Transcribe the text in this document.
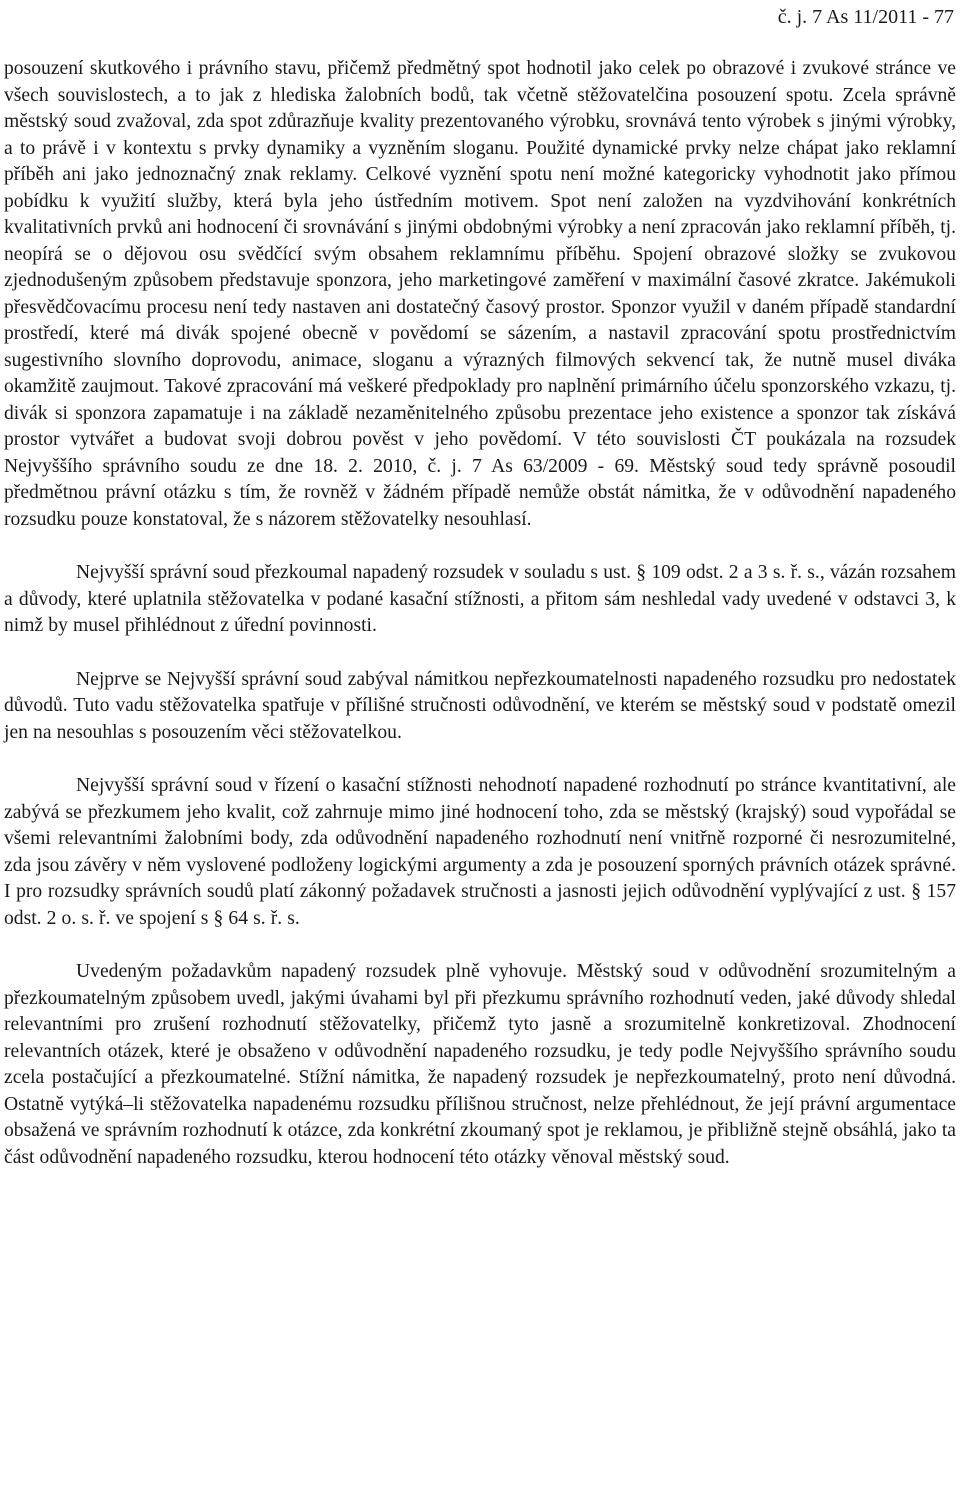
č. j. 7 As 11/2011 - 77

posouzení skutkového i právního stavu, přičemž předmětný spot hodnotil jako celek po obrazové i zvukové stránce ve všech souvislostech, a to jak z hlediska žalobních bodů, tak včetně stěžovatelčina posouzení spotu. Zcela správně městský soud zvažoval, zda spot zdůrazňuje kvality prezentovaného výrobku, srovnává tento výrobek s jinými výrobky, a to právě i v kontextu s prvky dynamiky a vyzněním sloganu. Použité dynamické prvky nelze chápat jako reklamní příběh ani jako jednoznačný znak reklamy. Celkové vyznění spotu není možné kategoricky vyhodnotit jako přímou pobídku k využití služby, která byla jeho ústředním motivem. Spot není založen na vyzdvihování konkrétních kvalitativních prvků ani hodnocení či srovnávání s jinými obdobnými výrobky a není zpracován jako reklamní příběh, tj. neopírá se o dějovou osu svědčící svým obsahem reklamnímu příběhu. Spojení obrazové složky se zvukovou zjednodušeným způsobem představuje sponzora, jeho marketingové zaměření v maximální časové zkratce. Jakémukoli přesvědčovacímu procesu není tedy nastaven ani dostatečný časový prostor. Sponzor využil v daném případě standardní prostředí, které má divák spojené obecně v povědomí se sázením, a nastavil zpracování spotu prostřednictvím sugestivního slovního doprovodu, animace, sloganu a výrazných filmových sekvencí tak, že nutně musel diváka okamžitě zaujmout. Takové zpracování má veškeré předpoklady pro naplnění primárního účelu sponzorského vzkazu, tj. divák si sponzora zapamatuje i na základě nezaměnitelného způsobu prezentace jeho existence a sponzor tak získává prostor vytvářet a budovat svoji dobrou pověst v jeho povědomí. V této souvislosti ČT poukázala na rozsudek Nejvyššího správního soudu ze dne 18. 2. 2010, č. j. 7 As 63/2009 - 69. Městský soud tedy správně posoudil předmětnou právní otázku s tím, že rovněž v žádném případě nemůže obstát námitka, že v odůvodnění napadeného rozsudku pouze konstatoval, že s názorem stěžovatelky nesouhlasí.

Nejvyšší správní soud přezkoumal napadený rozsudek v souladu s ust. § 109 odst. 2 a 3 s. ř. s., vázán rozsahem a důvody, které uplatnila stěžovatelka v podané kasační stížnosti, a přitom sám neshledal vady uvedené v odstavci 3, k nimž by musel přihlédnout z úřední povinnosti.

Nejprve se Nejvyšší správní soud zabýval námitkou nepřezkoumatelnosti napadeného rozsudku pro nedostatek důvodů. Tuto vadu stěžovatelka spatřuje v přílišné stručnosti odůvodnění, ve kterém se městský soud v podstatě omezil jen na nesouhlas s posouzením věci stěžovatelkou.

Nejvyšší správní soud v řízení o kasační stížnosti nehodnotí napadené rozhodnutí po stránce kvantitativní, ale zabývá se přezkumem jeho kvalit, což zahrnuje mimo jiné hodnocení toho, zda se městský (krajský) soud vypořádal se všemi relevantními žalobními body, zda odůvodnění napadeného rozhodnutí není vnitřně rozporné či nesrozumitelné, zda jsou závěry v něm vyslovené podloženy logickými argumenty a zda je posouzení sporných právních otázek správné. I pro rozsudky správních soudů platí zákonný požadavek stručnosti a jasnosti jejich odůvodnění vyplývající z ust. § 157 odst. 2 o. s. ř. ve spojení s § 64 s. ř. s.

Uvedeným požadavkům napadený rozsudek plně vyhovuje. Městský soud v odůvodnění srozumitelným a přezkoumatelným způsobem uvedl, jakými úvahami byl při přezkumu správního rozhodnutí veden, jaké důvody shledal relevantními pro zrušení rozhodnutí stěžovatelky, přičemž tyto jasně a srozumitelně konkretizoval. Zhodnocení relevantních otázek, které je obsaženo v odůvodnění napadeného rozsudku, je tedy podle Nejvyššího správního soudu zcela postačující a přezkoumatelné. Stížní námitka, že napadený rozsudek je nepřezkoumatelný, proto není důvodná. Ostatně vytýká–li stěžovatelka napadenému rozsudku přílišnou stručnost, nelze přehlédnout, že její právní argumentace obsažená ve správním rozhodnutí k otázce, zda konkrétní zkoumaný spot je reklamou, je přibližně stejně obsáhlá, jako ta část odůvodnění napadeného rozsudku, kterou hodnocení této otázky věnoval městský soud.
